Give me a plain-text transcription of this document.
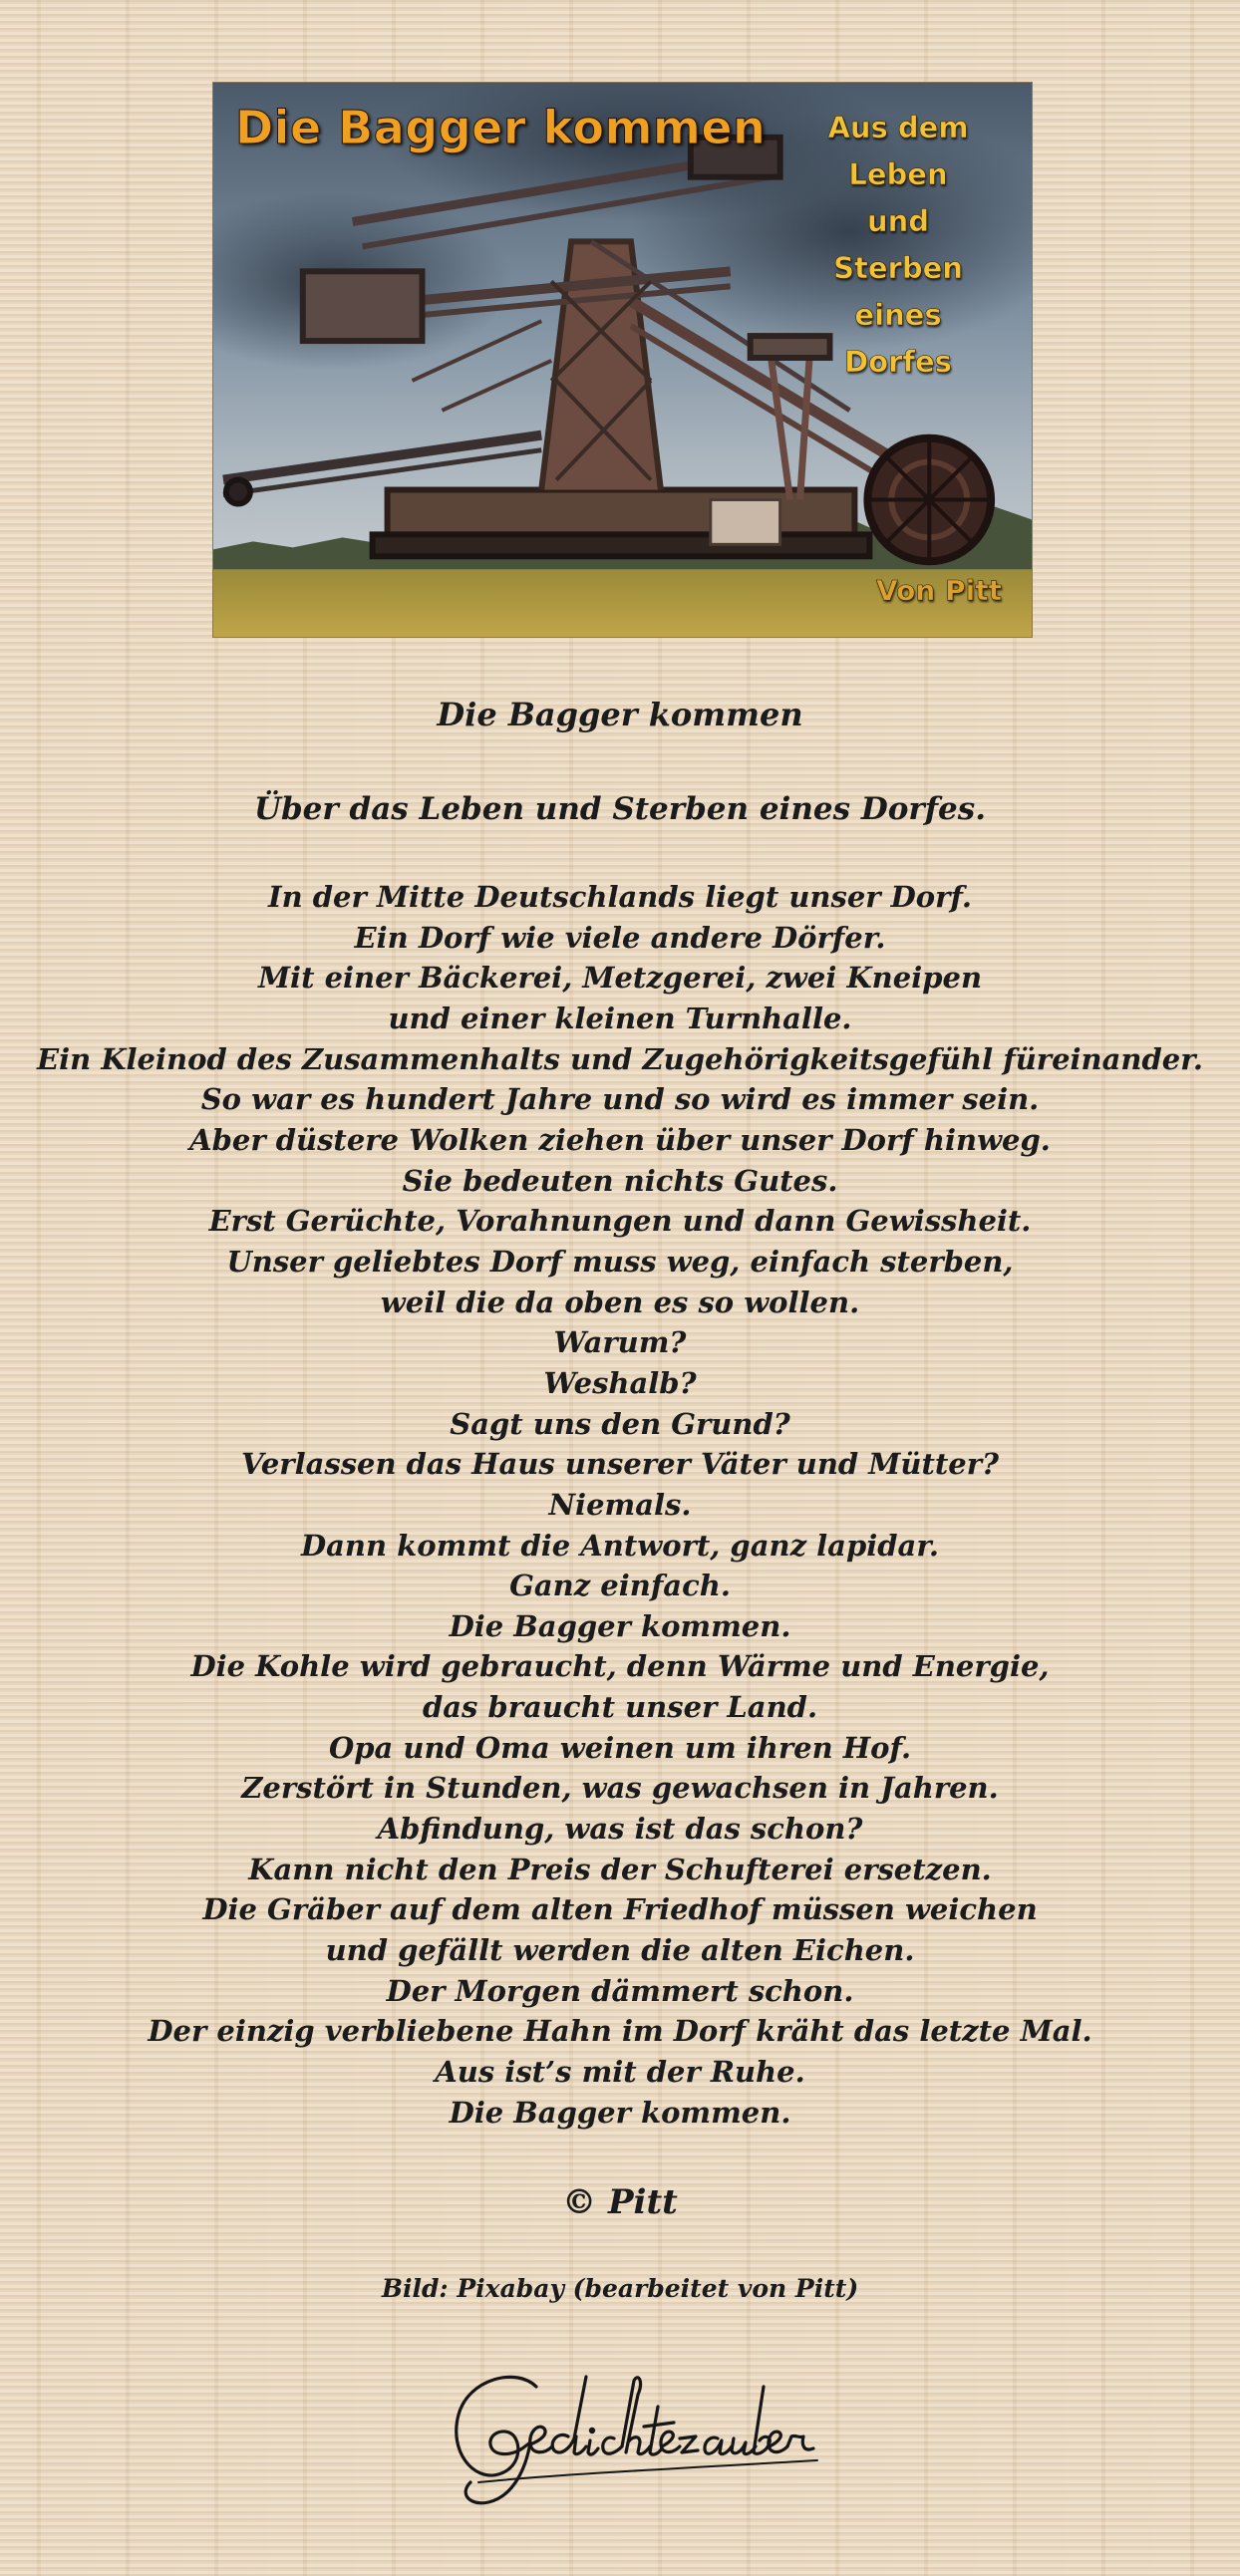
Die Bagger kommen	Aus dem Leben
und
Sterben
eines
Dorfes
Von Pitt
Die Bagger kommen
Über das Leben und Sterben eines Dorfes.
In der Mitte Deutschlands liegt unser Dorf.
Ein Dorf wie viele andere Dörfer.
Mit einer Bäckerei, Metzgerei, zwei Kneipen
und einer kleinen Turnhalle.
Ein Kleinod des Zusammenhalts und Zugehörigkeitsgefühl füreinander.
So war es hundert Jahre und so wird es immer sein.
Aber düstere Wolken ziehen über unser Dorf hinweg.
Sie bedeuten nichts Gutes.
Erst Gerüchte, Vorahnungen und dann Gewissheit.
Unser geliebtes Dorf muss weg, einfach sterben,
weil die da oben es so wollen.
Warum?
Weshalb?
Sagt uns den Grund?
Verlassen das Haus unserer Väter und Mütter?
Niemals.
Dann kommt die Antwort, ganz lapidar.
Ganz einfach.
Die Bagger kommen.
Die Kohle wird gebraucht, denn Wärme und Energie,
das braucht unser Land.
Opa und Oma weinen um ihren Hof.
Zerstört in Stunden, was gewachsen in Jahren.
Abfindung, was ist das schon?
Kann nicht den Preis der Schufterei ersetzen.
Die Gräber auf dem alten Friedhof müssen weichen
und gefällt werden die alten Eichen.
Der Morgen dämmert schon.
Der einzig verbliebene Hahn im Dorf kräht das letzte Mal.
Aus ist’s mit der Ruhe.
Die Bagger kommen.
© Pitt
Bild: Pixabay (bearbeitet von Pitt)
